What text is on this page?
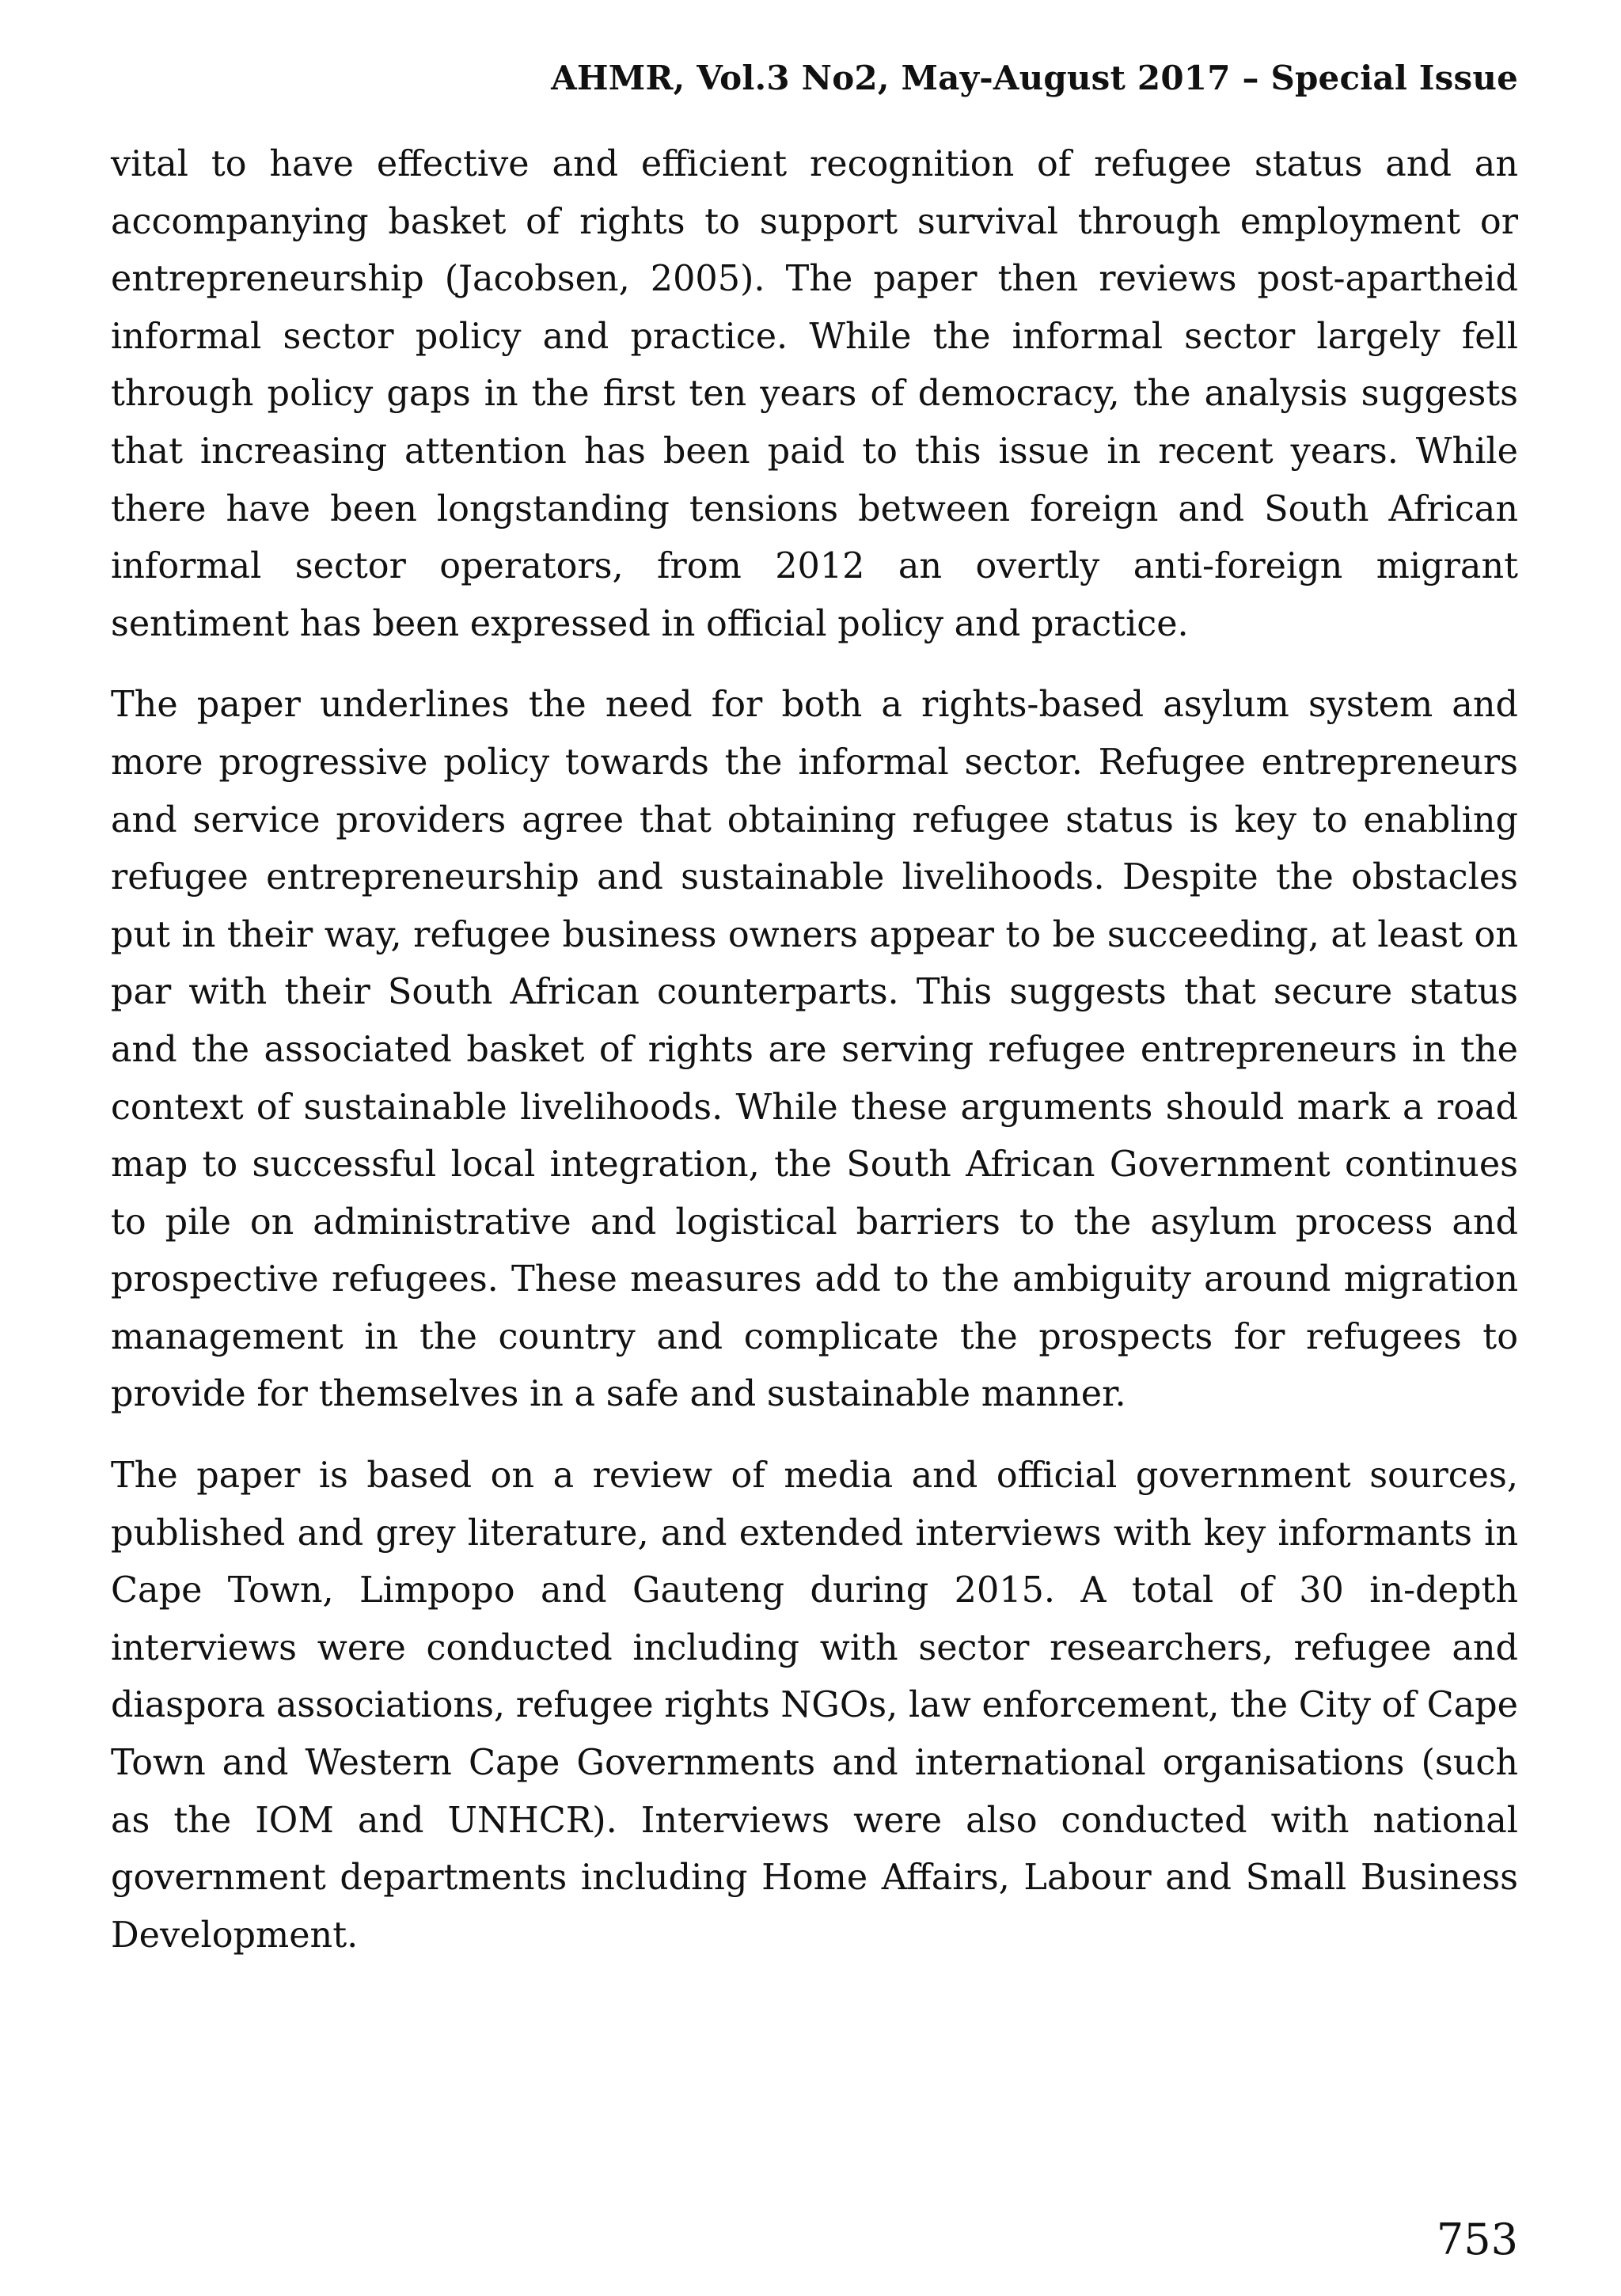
AHMR, Vol.3 No2, May-August 2017 – Special Issue

vital to have effective and efficient recognition of refugee status and an accompanying basket of rights to support survival through employment or entrepreneurship (Jacobsen, 2005). The paper then reviews post-apartheid informal sector policy and practice. While the informal sector largely fell through policy gaps in the first ten years of democracy, the analysis suggests that increasing attention has been paid to this issue in recent years. While there have been longstanding tensions between foreign and South African informal sector operators, from 2012 an overtly anti-foreign migrant sentiment has been expressed in official policy and practice.

The paper underlines the need for both a rights-based asylum system and more progressive policy towards the informal sector. Refugee entrepreneurs and service providers agree that obtaining refugee status is key to enabling refugee entrepreneurship and sustainable livelihoods. Despite the obstacles put in their way, refugee business owners appear to be succeeding, at least on par with their South African counterparts. This suggests that secure status and the associated basket of rights are serving refugee entrepreneurs in the context of sustainable livelihoods. While these arguments should mark a road map to successful local integration, the South African Government continues to pile on administrative and logistical barriers to the asylum process and prospective refugees. These measures add to the ambiguity around migration management in the country and complicate the prospects for refugees to provide for themselves in a safe and sustainable manner.

The paper is based on a review of media and official government sources, published and grey literature, and extended interviews with key informants in Cape Town, Limpopo and Gauteng during 2015. A total of 30 in-depth interviews were conducted including with sector researchers, refugee and diaspora associations, refugee rights NGOs, law enforcement, the City of Cape Town and Western Cape Governments and international organisations (such as the IOM and UNHCR). Interviews were also conducted with national government departments including Home Affairs, Labour and Small Business Development.

753
